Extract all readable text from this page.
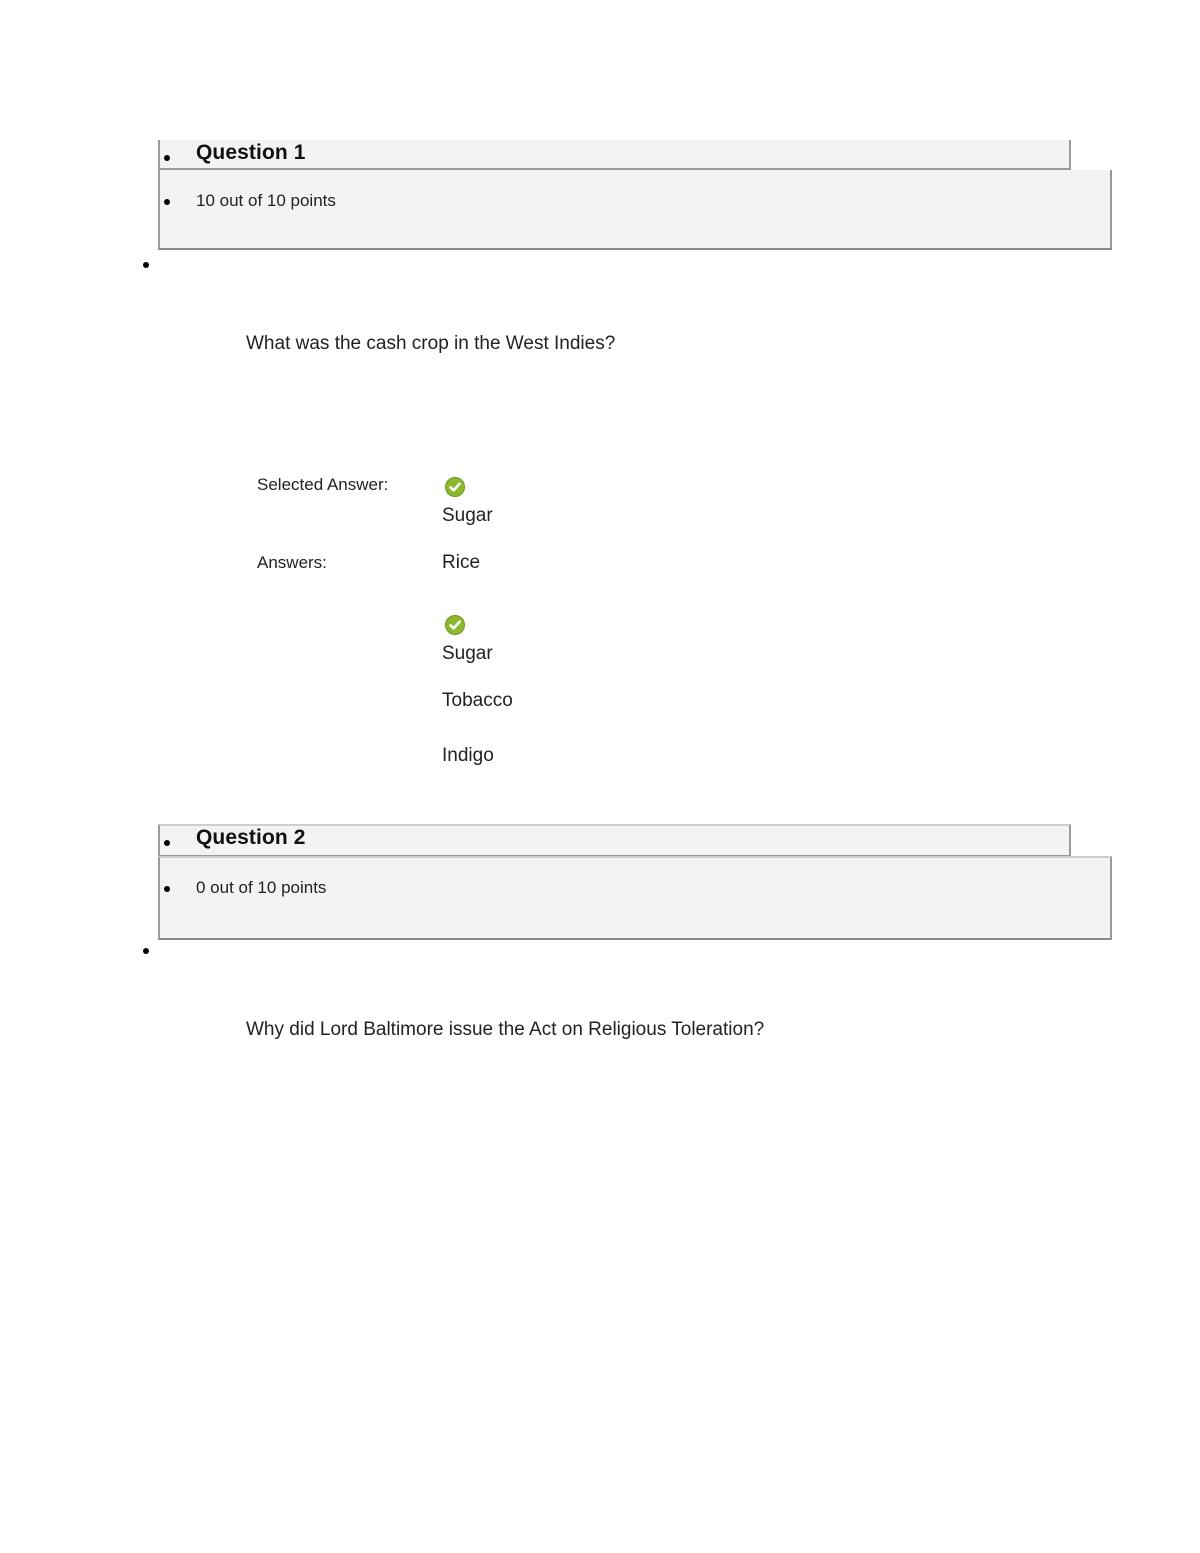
Question 1
10 out of 10 points
What was the cash crop in the West Indies?
Selected Answer:
Sugar
Answers:	Rice
Sugar
Tobacco
Indigo
Question 2
0 out of 10 points
Why did Lord Baltimore issue the Act on Religious Toleration?
